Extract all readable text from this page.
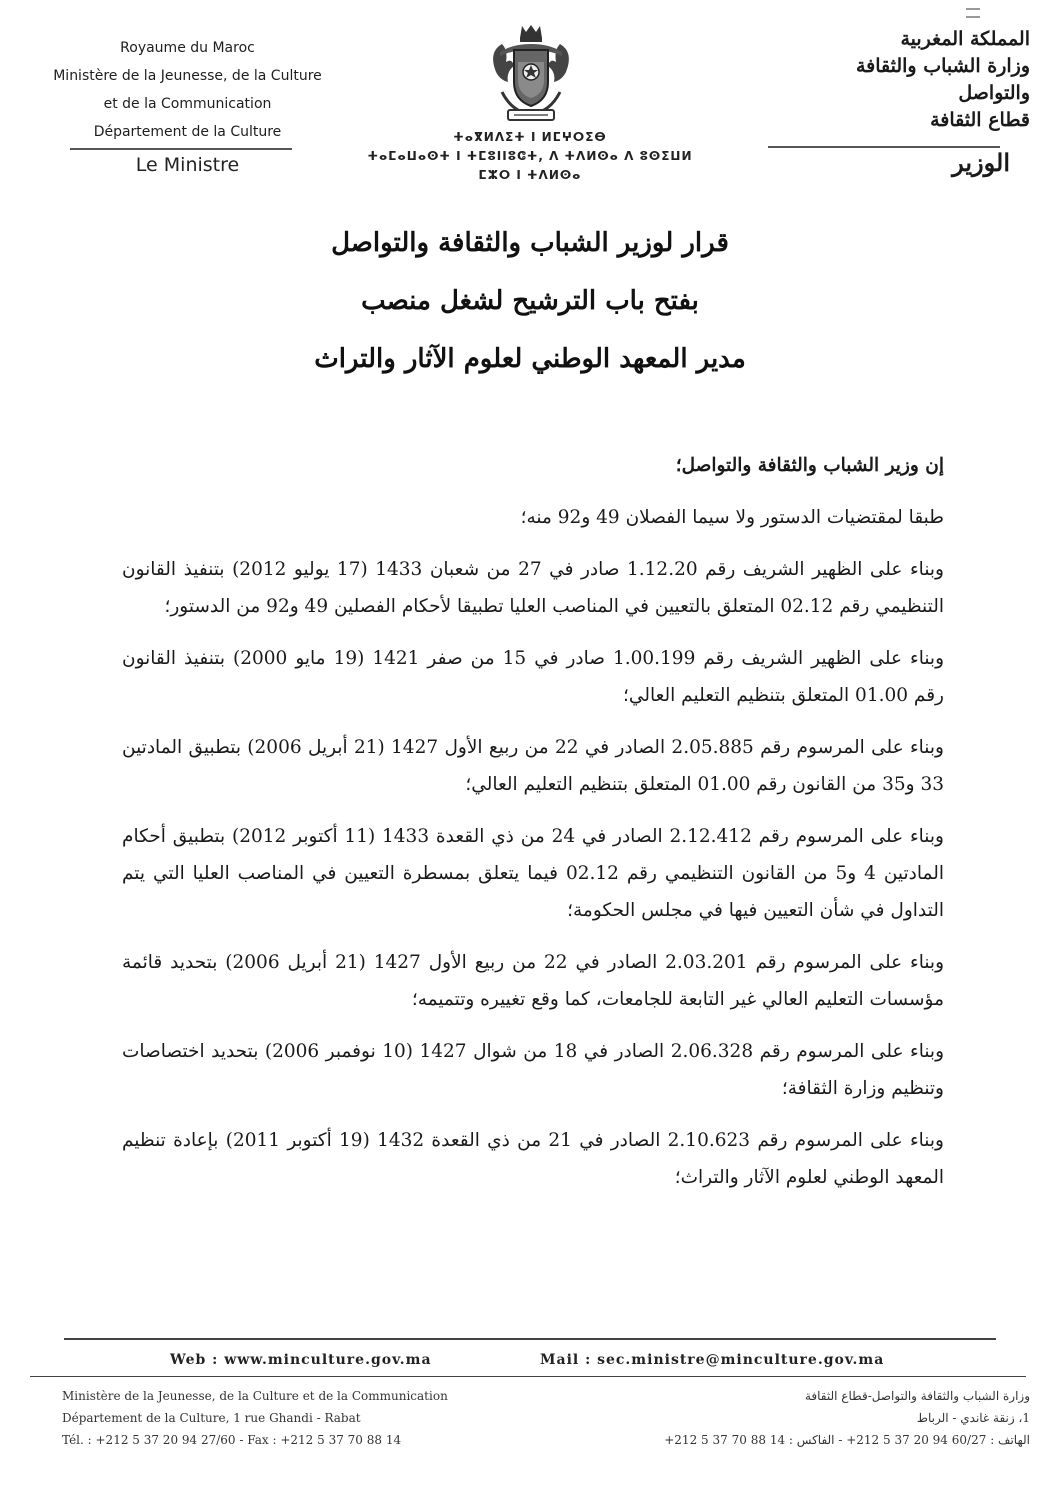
Royaume du Maroc
Ministère de la Jeunesse, de la Culture
et de la Communication
Département de la Culture
Le Ministre
ⵜⴰⴳⵍⴷⵉⵜ ⵏ ⵍⵎⵖⵔⵉⴱ
ⵜⴰⵎⴰⵡⴰⵙⵜ ⵏ ⵜⵎⵓⵏⵏⵓⵛⵜ, ⴷ ⵜⴷⵍⵙⴰ ⴷ ⵓⵙⵉⵡⵍ
ⵎⵣⵔ ⵏ ⵜⴷⵍⵙⴰ
المملكة المغربية
وزارة الشباب والثقافة
والتواصل
قطاع الثقافة
الوزير
قرار لوزير الشباب والثقافة والتواصل
بفتح باب الترشيح لشغل منصب
مدير المعهد الوطني لعلوم الآثار والتراث

إن وزير الشباب والثقافة والتواصل؛

طبقا لمقتضيات الدستور ولا سيما الفصلان 49 و92 منه؛

وبناء على الظهير الشريف رقم 1.12.20 صادر في 27 من شعبان 1433 (17 يوليو 2012) بتنفيذ القانون التنظيمي رقم 02.12 المتعلق بالتعيين في المناصب العليا تطبيقا لأحكام الفصلين 49 و92 من الدستور؛

وبناء على الظهير الشريف رقم 1.00.199 صادر في 15 من صفر 1421 (19 مايو 2000) بتنفيذ القانون رقم 01.00 المتعلق بتنظيم التعليم العالي؛

وبناء على المرسوم رقم 2.05.885 الصادر في 22 من ربيع الأول 1427 (21 أبريل 2006) بتطبيق المادتين 33 و35 من القانون رقم 01.00 المتعلق بتنظيم التعليم العالي؛

وبناء على المرسوم رقم 2.12.412 الصادر في 24 من ذي القعدة 1433 (11 أكتوبر 2012) بتطبيق أحكام المادتين 4 و5 من القانون التنظيمي رقم 02.12 فيما يتعلق بمسطرة التعيين في المناصب العليا التي يتم التداول في شأن التعيين فيها في مجلس الحكومة؛

وبناء على المرسوم رقم 2.03.201 الصادر في 22 من ربيع الأول 1427 (21 أبريل 2006) بتحديد قائمة مؤسسات التعليم العالي غير التابعة للجامعات، كما وقع تغييره وتتميمه؛

وبناء على المرسوم رقم 2.06.328 الصادر في 18 من شوال 1427 (10 نوفمبر 2006) بتحديد اختصاصات وتنظيم وزارة الثقافة؛

وبناء على المرسوم رقم 2.10.623 الصادر في 21 من ذي القعدة 1432 (19 أكتوبر 2011) بإعادة تنظيم المعهد الوطني لعلوم الآثار والتراث؛

Web : www.minculture.gov.ma	Mail : sec.ministre@minculture.gov.ma
Ministère de la Jeunesse, de la Culture et de la Communication
Département de la Culture, 1 rue Ghandi - Rabat
Tél. : +212 5 37 20 94 27/60 - Fax : +212 5 37 70 88 14
وزارة الشباب والثقافة والتواصل-قطاع الثقافة
1، زنقة غاندي - الرباط
الهاتف : 60/27 94 20 37 5 212+ - الفاكس : 14 88 70 37 5 212+
